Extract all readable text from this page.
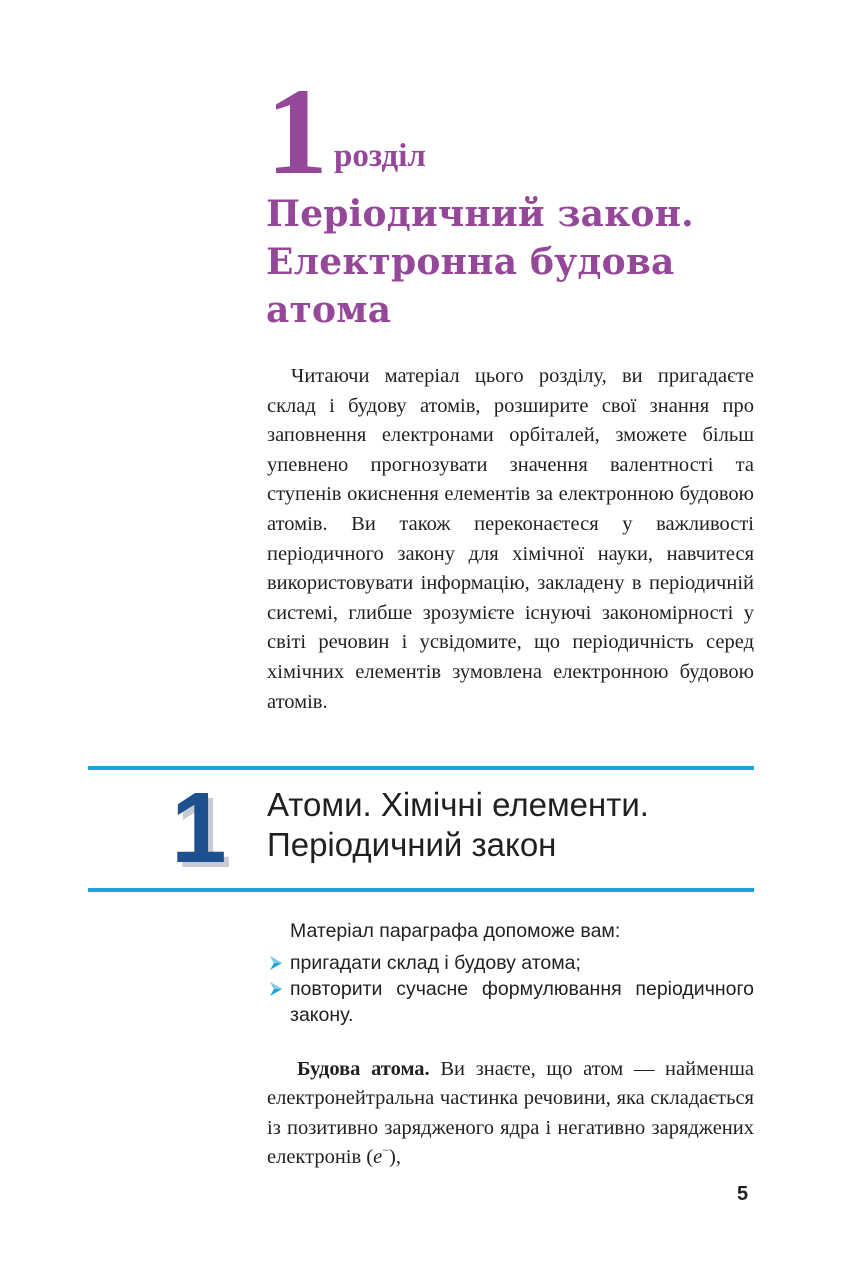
1 розділ
Періодичний закон.
Електронна будова
атома

Читаючи матеріал цього розділу, ви пригадаєте склад і будову атомів, розширите свої знання про заповнення електронами орбіталей, зможете більш упевнено прогнозувати значення валентності та ступенів окиснення елементів за електронною будовою атомів. Ви також переконаєтеся у важливості періодичного закону для хімічної науки, навчитеся використовувати інформацію, закладену в періодичній системі, глибше зрозумієте існуючі закономірності у світі речовин і усвідомите, що періодичність серед хімічних елементів зумовлена електронною будовою атомів.

1 Атоми. Хімічні елементи.
Періодичний закон

Матеріал параграфа допоможе вам:

пригадати склад і будову атома;
повторити сучасне формулювання періодичного закону.

Будова атома. Ви знаєте, що атом — найменша електронейтральна частинка речовини, яка складається із позитивно зарядженого ядра і негативно заряджених електронів (e−),

5
